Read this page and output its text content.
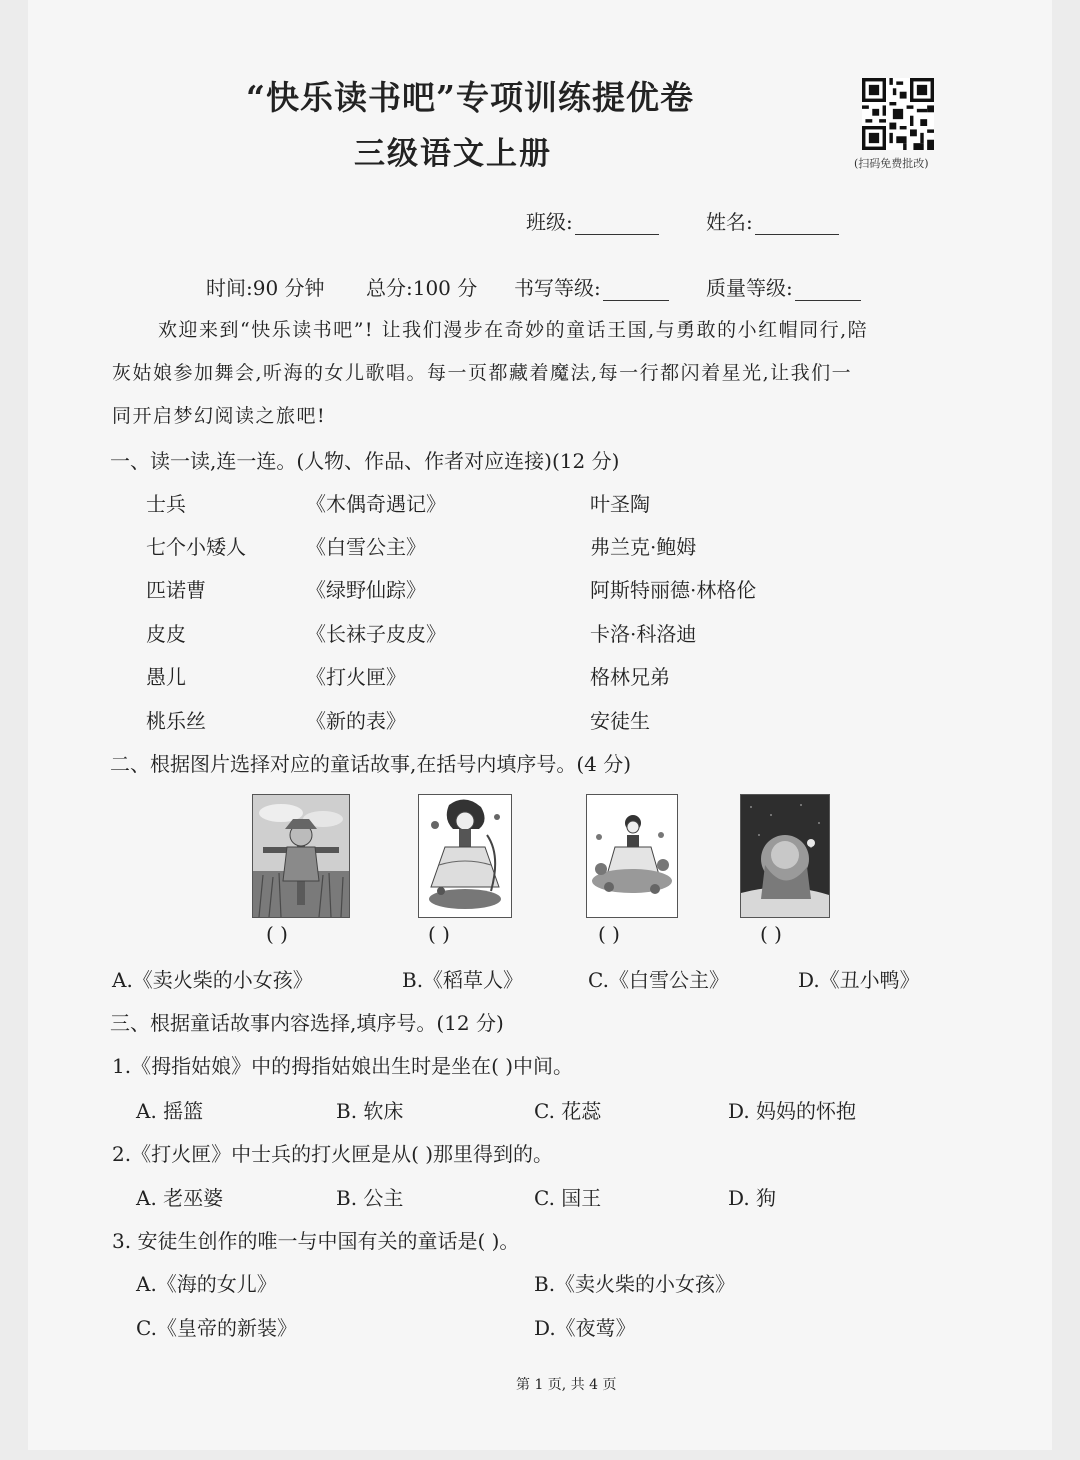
“快乐读书吧”专项训练提优卷
三级语文上册	(扫码免费批改)
班级:	姓名:
时间:90 分钟 总分:100 分 书写等级:	质量等级:
欢迎来到“快乐读书吧”! 让我们漫步在奇妙的童话王国,与勇敢的小红帽同行,陪
灰姑娘参加舞会,听海的女儿歌唱。每一页都藏着魔法,每一行都闪着星光,让我们一
同开启梦幻阅读之旅吧!
一、读一读,连一连。(人物、作品、作者对应连接)(12 分)
士兵	《木偶奇遇记》	叶圣陶
七个小矮人	《白雪公主》	弗兰克·鲍姆
匹诺曹	《绿野仙踪》	阿斯特丽德·林格伦
皮皮	《长袜子皮皮》	卡洛·科洛迪
愚儿	《打火匣》	格林兄弟
桃乐丝	《新的表》	安徒生
二、根据图片选择对应的童话故事,在括号内填序号。(4 分)
( )	( )	( )	( )
A.《卖火柴的小女孩》	B.《稻草人》	C.《白雪公主》	D.《丑小鸭》
三、根据童话故事内容选择,填序号。(12 分)
1.《拇指姑娘》中的拇指姑娘出生时是坐在( )中间。
A. 摇篮	B. 软床	C. 花蕊	D. 妈妈的怀抱
2.《打火匣》中士兵的打火匣是从( )那里得到的。
A. 老巫婆	B. 公主	C. 国王	D. 狗
3. 安徒生创作的唯一与中国有关的童话是( )。
A.《海的女儿》	B.《卖火柴的小女孩》
C.《皇帝的新装》	D.《夜莺》
第 1 页, 共 4 页
